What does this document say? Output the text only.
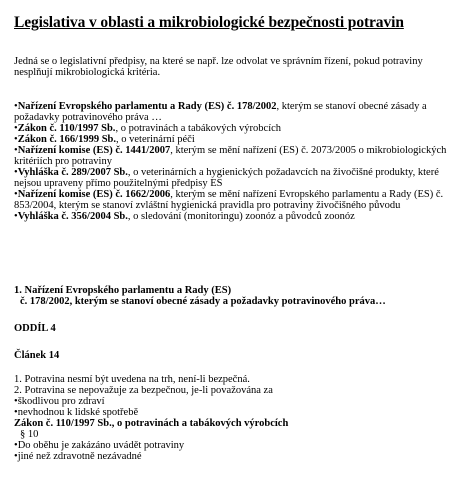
Legislativa v oblasti a mikrobiologické bezpečnosti potravin
Jedná se o legislativní předpisy, na které se např. lze odvolat ve správním řízení, pokud potraviny nesplňují mikrobiologická kritéria.
•Nařízení Evropského parlamentu a Rady (ES) č. 178/2002, kterým se stanoví obecné zásady a požadavky potravinového práva …
•Zákon č. 110/1997 Sb., o potravinách a tabákových výrobcích
•Zákon č. 166/1999 Sb., o veterinární péči
•Nařízení komise (ES) č. 1441/2007, kterým se mění nařízení (ES) č. 2073/2005 o mikrobiologických kritériích pro potraviny
•Vyhláška č. 289/2007 Sb., o veterinárních a hygienických požadavcích na živočišné produkty, které nejsou upraveny přímo použitelnými předpisy ES
•Nařízení komise (ES) č. 1662/2006, kterým se mění nařízení Evropského parlamentu a Rady (ES) č. 853/2004, kterým se stanoví zvláštní hygienická pravidla pro potraviny živočišného původu
•Vyhláška č. 356/2004 Sb., o sledování (monitoringu) zoonóz a původců zoonóz
1. Nařízení Evropského parlamentu a Rady (ES)
č. 178/2002, kterým se stanoví obecné zásady a požadavky potravinového práva…
ODDÍL 4
Článek 14
1. Potravina nesmí být uvedena na trh, není-li bezpečná.
2. Potravina se nepovažuje za bezpečnou, je-li považována za
•škodlivou pro zdraví
•nevhodnou k lidské spotřebě
Zákon č. 110/1997 Sb., o potravinách a tabákových výrobcích
§ 10
•Do oběhu je zakázáno uvádět potraviny
•jiné než zdravotně nezávadné
